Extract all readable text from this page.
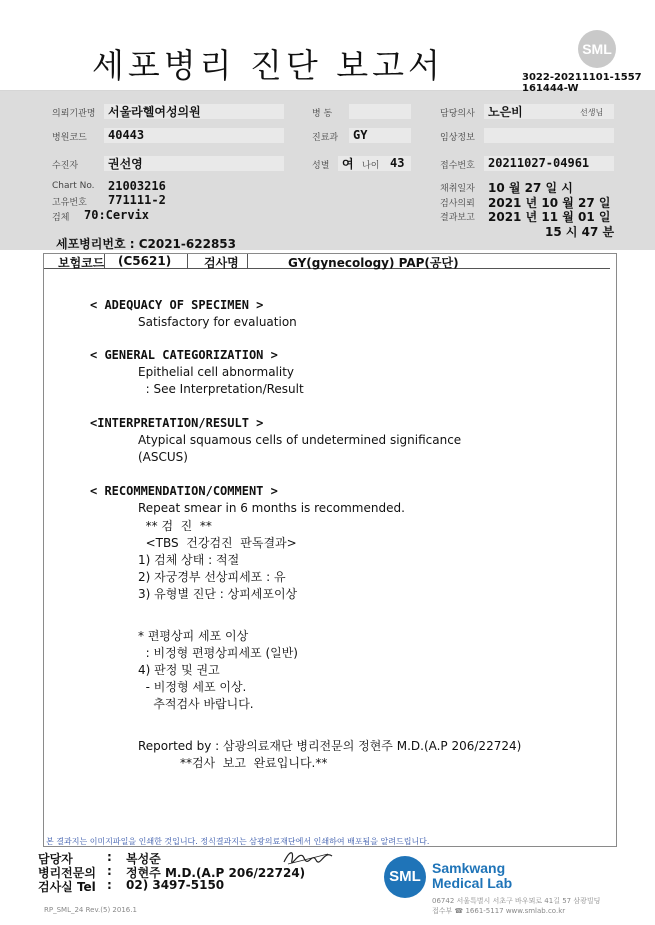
세포병리 진단 보고서	SML
3022-20211101-1557
161444-W
의뢰기관명 서울라헬여성의원	병 동	담당의사 노은비	선생님
병원코드 40443	진료과 GY	임상정보
수진자 권선영	성별 여 나이 43	접수번호 20211027-04961
Chart No. 21003216
고유번호 771111-2
검체 70:Cervix
채취일자 10 월 27 일 시
검사의뢰 2021 년 10 월 27 일
결과보고 2021 년 11 월 01 일
15 시 47 분
세포병리번호 : C2021-622853
보험코드 (C5621)	검사명	GY(gynecology) PAP(공단)
< ADEQUACY OF SPECIMEN >
Satisfactory for evaluation
< GENERAL CATEGORIZATION >
Epithelial cell abnormality
: See Interpretation/Result
<INTERPRETATION/RESULT >
Atypical squamous cells of undetermined significance
(ASCUS)
< RECOMMENDATION/COMMENT >
Repeat smear in 6 months is recommended.
** 검  진  **
<TBS  건강검진  판독결과>
1) 검체 상태 : 적절
2) 자궁경부 선상피세포 : 유
3) 유형별 진단 : 상피세포이상
* 편평상피 세포 이상
: 비정형 편평상피세포 (일반)
4) 판정 및 권고
- 비정형 세포 이상.
추적검사 바랍니다.
Reported by : 삼광의료재단 병리전문의 정현주 M.D.(A.P 206/22724)
**검사  보고  완료입니다.**
본 결과지는 이미지파일을 인쇄한 것입니다. 정식결과지는 삼광의료재단에서 인쇄하여 배포됨을 알려드립니다.
담당자	: 복성준
병리전문의 : 정현주 M.D.(A.P 206/22724)
검사실 Tel : 02) 3497-5150	SML Samkwang
Medical Lab
06742 서울특별시 서초구 바우뫼로 41길 57 삼광빌딩
접수부 ☎ 1661-5117 www.smlab.co.kr
RP_SML_24 Rev.(5) 2016.1
